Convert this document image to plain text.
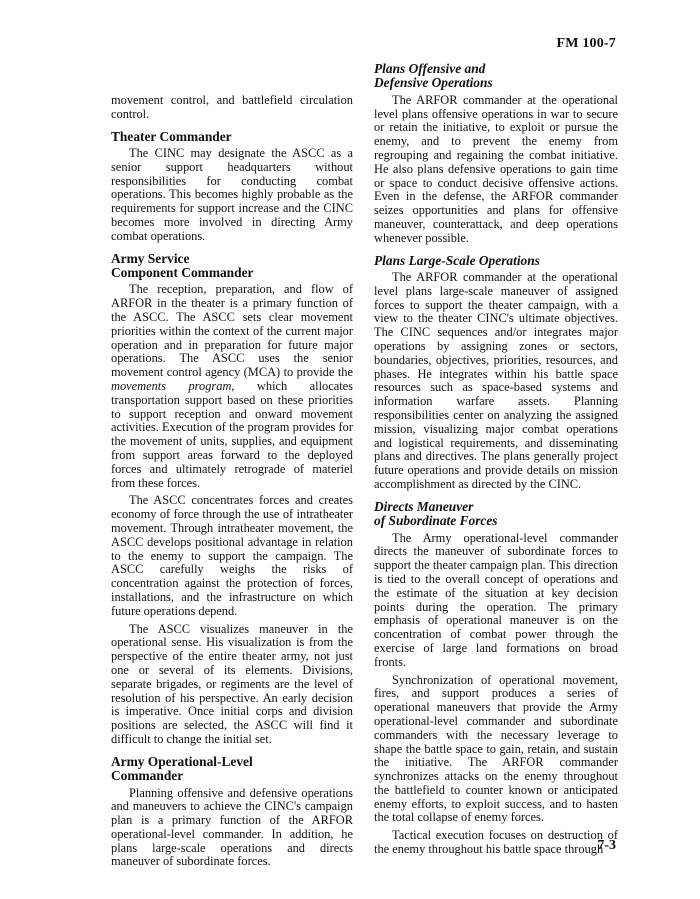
FM 100-7

movement control, and battlefield circulation control.

Theater Commander

The CINC may designate the ASCC as a senior support headquarters without responsibilities for conducting combat operations. This becomes highly probable as the requirements for support increase and the CINC becomes more involved in directing Army combat operations.

Army Service
Component Commander

The reception, preparation, and flow of ARFOR in the theater is a primary function of the ASCC. The ASCC sets clear movement priorities within the context of the current major operation and in preparation for future major operations. The ASCC uses the senior movement control agency (MCA) to provide the movements program, which allocates transportation support based on these priorities to support reception and onward movement activities. Execution of the program provides for the movement of units, supplies, and equipment from support areas forward to the deployed forces and ultimately retrograde of materiel from these forces.

The ASCC concentrates forces and creates economy of force through the use of intratheater movement. Through intratheater movement, the ASCC develops positional advantage in relation to the enemy to support the campaign. The ASCC carefully weighs the risks of concentration against the protection of forces, installations, and the infrastructure on which future operations depend.

The ASCC visualizes maneuver in the operational sense. His visualization is from the perspective of the entire theater army, not just one or several of its elements. Divisions, separate brigades, or regiments are the level of resolution of his perspective. An early decision is imperative. Once initial corps and division positions are selected, the ASCC will find it difficult to change the initial set.

Army Operational-Level
Commander

Planning offensive and defensive operations and maneuvers to achieve the CINC's campaign plan is a primary function of the ARFOR operational-level commander. In addition, he plans large-scale operations and directs maneuver of subordinate forces.

Plans Offensive and
Defensive Operations

The ARFOR commander at the operational level plans offensive operations in war to secure or retain the initiative, to exploit or pursue the enemy, and to prevent the enemy from regrouping and regaining the combat initiative. He also plans defensive operations to gain time or space to conduct decisive offensive actions. Even in the defense, the ARFOR commander seizes opportunities and plans for offensive maneuver, counterattack, and deep operations whenever possible.

Plans Large-Scale Operations

The ARFOR commander at the operational level plans large-scale maneuver of assigned forces to support the theater campaign, with a view to the theater CINC's ultimate objectives. The CINC sequences and/or integrates major operations by assigning zones or sectors, boundaries, objectives, priorities, resources, and phases. He integrates within his battle space resources such as space-based systems and information warfare assets. Planning responsibilities center on analyzing the assigned mission, visualizing major combat operations and logistical requirements, and disseminating plans and directives. The plans generally project future operations and provide details on mission accomplishment as directed by the CINC.

Directs Maneuver
of Subordinate Forces

The Army operational-level commander directs the maneuver of subordinate forces to support the theater campaign plan. This direction is tied to the overall concept of operations and the estimate of the situation at key decision points during the operation. The primary emphasis of operational maneuver is on the concentration of combat power through the exercise of large land formations on broad fronts.

Synchronization of operational movement, fires, and support produces a series of operational maneuvers that provide the Army operational-level commander and subordinate commanders with the necessary leverage to shape the battle space to gain, retain, and sustain the initiative. The ARFOR commander synchronizes attacks on the enemy throughout the battlefield to counter known or anticipated enemy efforts, to exploit success, and to hasten the total collapse of enemy forces.

Tactical execution focuses on destruction of the enemy throughout his battle space through

7-3
